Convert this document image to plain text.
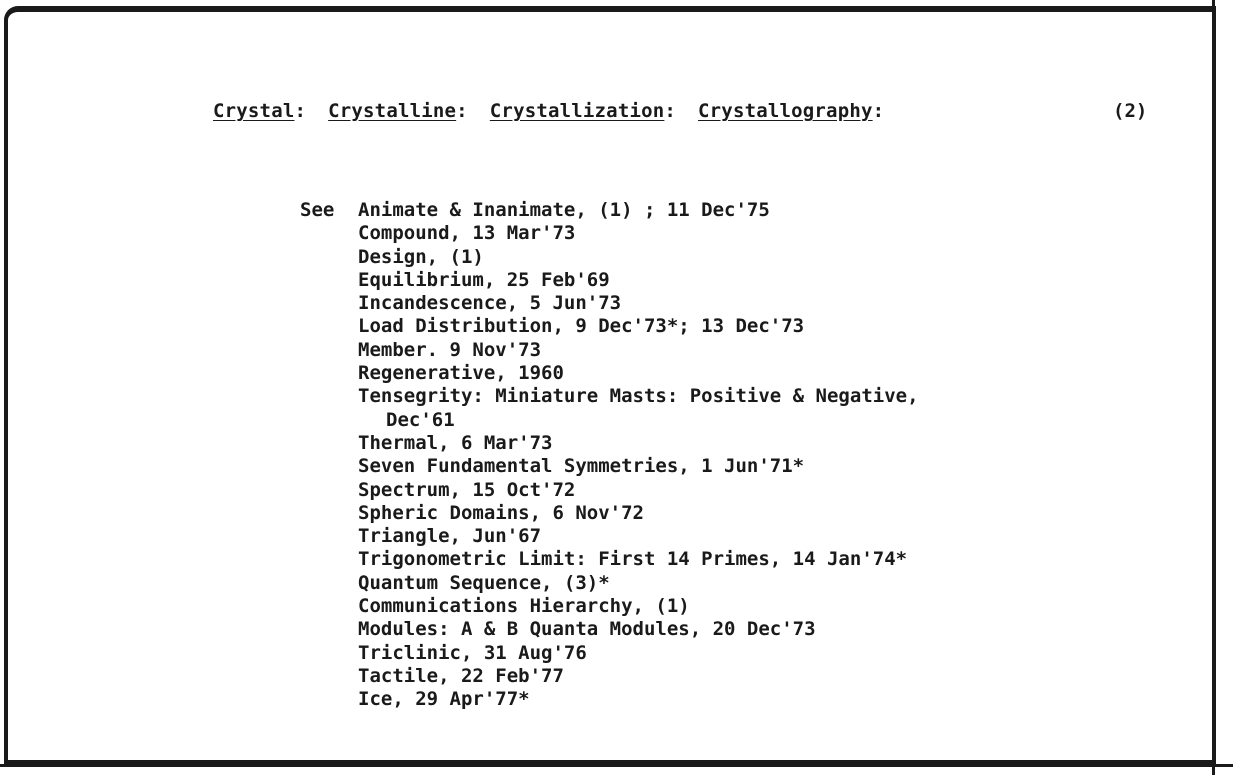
Crystal: Crystalline: Crystallization: Crystallography:	(2)
See Animate & Inanimate, (1) ; 11 Dec'75
Compound, 13 Mar'73
Design, (1)
Equilibrium, 25 Feb'69
Incandescence, 5 Jun'73
Load Distribution, 9 Dec'73*; 13 Dec'73
Member. 9 Nov'73
Regenerative, 1960
Tensegrity: Miniature Masts: Positive & Negative,
Dec'61
Thermal, 6 Mar'73
Seven Fundamental Symmetries, 1 Jun'71*
Spectrum, 15 Oct'72
Spheric Domains, 6 Nov'72
Triangle, Jun'67
Trigonometric Limit: First 14 Primes, 14 Jan'74*
Quantum Sequence, (3)*
Communications Hierarchy, (1)
Modules: A & B Quanta Modules, 20 Dec'73
Triclinic, 31 Aug'76
Tactile, 22 Feb'77
Ice, 29 Apr'77*
